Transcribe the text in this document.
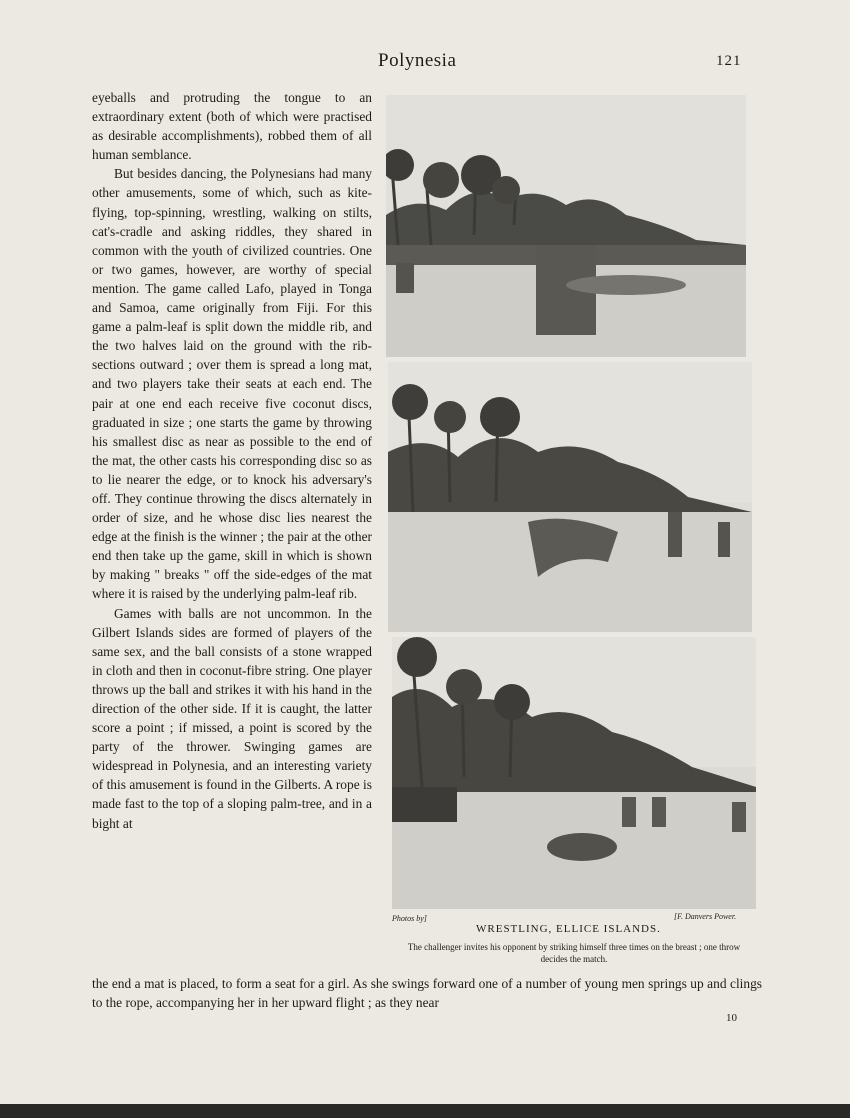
Polynesia	121

eyeballs and protruding the tongue to an extraordinary extent (both of which were practised as desirable accomplishments), robbed them of all human semblance.

But besides dancing, the Polynesians had many other amusements, some of which, such as kite-flying, top-spinning, wrestling, walking on stilts, cat's-cradle and asking riddles, they shared in common with the youth of civilized countries. One or two games, however, are worthy of special mention. The game called Lafo, played in Tonga and Samoa, came originally from Fiji. For this game a palm-leaf is split down the middle rib, and the two halves laid on the ground with the rib-sections outward ; over them is spread a long mat, and two players take their seats at each end. The pair at one end each receive five coconut discs, graduated in size ; one starts the game by throwing his smallest disc as near as possible to the end of the mat, the other casts his corresponding disc so as to lie nearer the edge, or to knock his adversary's off. They continue throwing the discs alternately in order of size, and he whose disc lies nearest the edge at the finish is the winner ; the pair at the other end then take up the game, skill in which is shown by making " breaks " off the side-edges of the mat where it is raised by the underlying palm-leaf rib.

Games with balls are not uncommon. In the Gilbert Islands sides are formed of players of the same sex, and the ball consists of a stone wrapped in cloth and then in coconut-fibre string. One player throws up the ball and strikes it with his hand in the direction of the other side. If it is caught, the latter score a point ; if missed, a point is scored by the party of the thrower. Swinging games are widespread in Polynesia, and an interesting variety of this amusement is found in the Gilberts. A rope is made fast to the top of a sloping palm-tree, and in a bight at

Photos by]	[F. Danvers Power.
WRESTLING, ELLICE ISLANDS.
The challenger invites his opponent by striking himself three times on the breast ; one throw decides the match.

the end a mat is placed, to form a seat for a girl. As she swings forward one of a number of young men springs up and clings to the rope, accompanying her in her upward flight ; as they near

10
